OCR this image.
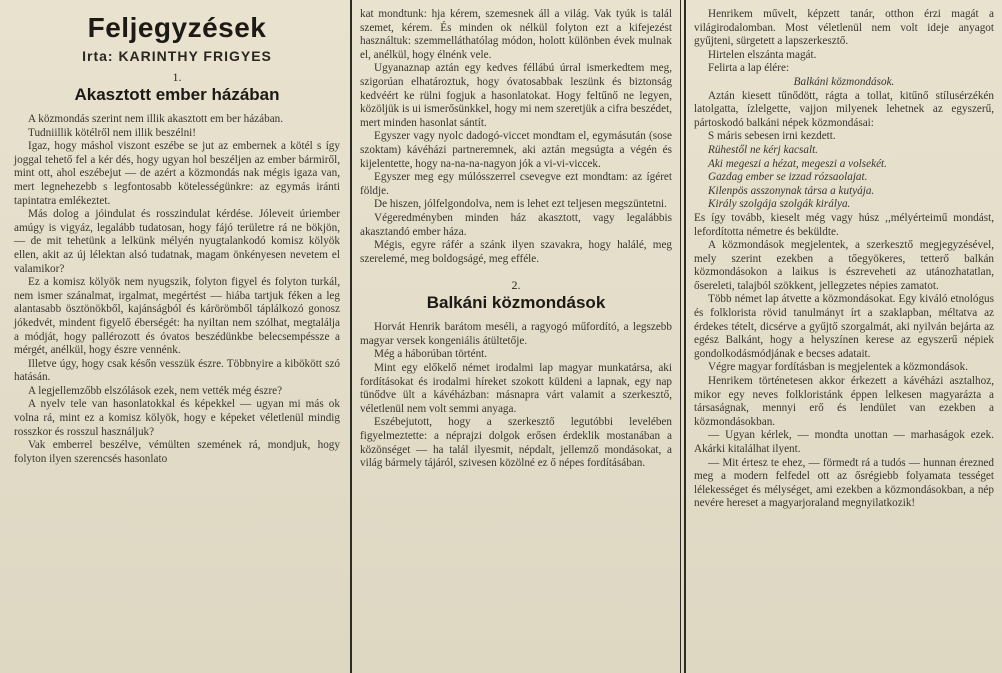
Feljegyzések
Irta: KARINTHY FRIGYES
1.
Akasztott ember házában

A közmondás szerint nem illik akasztott em ber házában.

Tudniillik kötélről nem illik beszélni!

Igaz, hogy máshol viszont eszébe se jut az embernek a kötél s így joggal tehető fel a kér dés, hogy ugyan hol beszéljen az ember bármiről, mint ott, ahol eszébejut — de azért a közmondás nak mégis igaza van, mert legnehezebb s legfontosabb kötelességünkre: az egymás iránti tapintatra emlékeztet.

Más dolog a jóindulat és rosszindulat kérdése. Jóleveit úriember amúgy is vigyáz, legalább tudatosan, hogy fájó területre rá ne bökjön, — de mit tehetünk a lelkünk mélyén nyugtalankodó komisz kölyök ellen, akit az új lélektan alsó tudatnak, magam önkényesen nevetem el valamikor?

Ez a komisz kölyök nem nyugszik, folyton figyel és folyton turkál, nem ismer szánalmat, irgalmat, megértést — hiába tartjuk féken a leg alantasabb ösztönökből, kajánságból és kárörömből táplálkozó gonosz jókedvét, mindent figyelő éberségét: ha nyiltan nem szólhat, megtalálja a módját, hogy pallérozott és óvatos beszédünkbe belecsempéssze a mérgét, anélkül, hogy észre vennénk.

Illetve úgy, hogy csak későn vesszük észre. Többnyire a kibökött szó hatásán.

A legjellemzőbb elszólások ezek, nem vették még észre?

A nyelv tele van hasonlatokkal és képekkel — ugyan mi más ok volna rá, mint ez a komisz kölyök, hogy e képeket véletlenül mindig rosszkor és rosszul használjuk?

Vak emberrel beszélve, vémülten szemének rá, mondjuk, hogy folyton ilyen szerencsés hasonlato

kat mondtunk: hja kérem, szemesnek áll a világ. Vak tyúk is talál szemet, kérem. És minden ok nélkül folyton ezt a kifejezést használtuk: szemmelláthatólag módon, holott különben évek mulnak el, anélkül, hogy élnénk vele.

Ugyanaznap aztán egy kedves féllábú úrral ismerkedtem meg, szigorúan elhatároztuk, hogy óvatosabbak leszünk és biztonság kedvéért ke rülni fogjuk a hasonlatokat. Hogy feltűnő ne legyen, közöljük is ui ismerősünkkel, hogy mi nem szeretjük a cifra beszédet, mert minden hasonlat sántít.

Egyszer vagy nyolc dadogó-viccet mondtam el, egymásután (sose szoktam) kávéházi partneremnek, aki aztán megsúgta a végén és kijelentette, hogy na-na-na-nagyon jók a vi-vi-viccek.

Egyszer meg egy múlósszerrel csevegve ezt mondtam: az ígéret földje.

De hiszen, jólfelgondolva, nem is lehet ezt teljesen megszüntetni.

Végeredményben minden ház akasztott, vagy legalábbis akasztandó ember háza.

Mégis, egyre ráfér a szánk ilyen szavakra, hogy halálé, meg szerelemé, meg boldogságé, meg efféle.

2.
Balkáni közmondások

Horvát Henrik barátom meséli, a ragyogó műfordító, a legszebb magyar versek kongeniális átültetője.

Még a háborúban történt.

Mint egy előkelő német irodalmi lap magyar munkatársa, aki fordításokat és irodalmi híreket szokott küldeni a lapnak, egy nap tünődve ült a kávéházban: másnapra várt valamit a szerkesztő, véletlenül nem volt semmi anyaga.

Eszébejutott, hogy a szerkesztő legutóbbi levelében figyelmeztette: a néprajzi dolgok erősen érdeklik mostanában a közönséget — ha talál ilyesmit, népdalt, jellemző mondásokat, a világ bármely tájáról, szivesen közölné ez ő népes fordításában.

Henrikem művelt, képzett tanár, otthon érzi magát a világirodalomban. Most véletlenül nem volt ideje anyagot gyűjteni, sürgetett a lapszerkesztő.

Hirtelen elszánta magát.

Felirta a lap élére:

Balkáni közmondások.

Aztán kiesett tűnődött, rágta a tollat, kitűnő stílusérzékén latolgatta, ízlelgette, vajjon milyenek lehetnek az egyszerű, pártoskodó balkáni népek közmondásai:

S máris sebesen irni kezdett.

Rühestől ne kérj kacsalt.

Aki megeszi a hézat, megeszi a volsekét.

Gazdag ember se izzad rózsaolajat.

Kilenpös asszonynak társa a kutyája.

Király szolgája szolgák királya.

Es így tovább, kieselt még vagy húsz ,,mélyérteimű mondást, lefordította németre és beküldte.

A közmondások megjelentek, a szerkesztő megjegyzésével, mely szerint ezekben a tőegyökeres, tetterő balkán közmondásokon a laikus is észreveheti az utánozhatatlan, ősereleti, talajból szökkent, jellegzetes népies zamatot.

Több német lap átvette a közmondásokat. Egy kiváló etnológus és folklorista rövid tanulmányt írt a szaklapban, méltatva az érdekes tételt, dicsérve a gyűjtő szorgalmát, aki nyilván bejárta az egész Balkánt, hogy a helyszínen kerese az egyszerű népiek gondolkodásmódjának e becses adatait.

Végre magyar fordításban is megjelentek a közmondások.

Henrikem történetesen akkor érkezett a kávéházi asztalhoz, mikor egy neves folkloristánk éppen lelkesen magyarázta a társaságnak, mennyi erő és lendület van ezekben a közmondásokban.

— Ugyan kérlek, — mondta unottan — marhaságok ezek. Akárki kitalálhat ilyent.

— Mit értesz te ehez, — förmedt rá a tudós — hunnan érezned meg a modern felfedel ott az ősrégiebb folyamata tességet lélekességet és mélységet, ami ezekben a közmondásokban, a nép nevére hereset a magyarjoraland megnyilatkozik!
